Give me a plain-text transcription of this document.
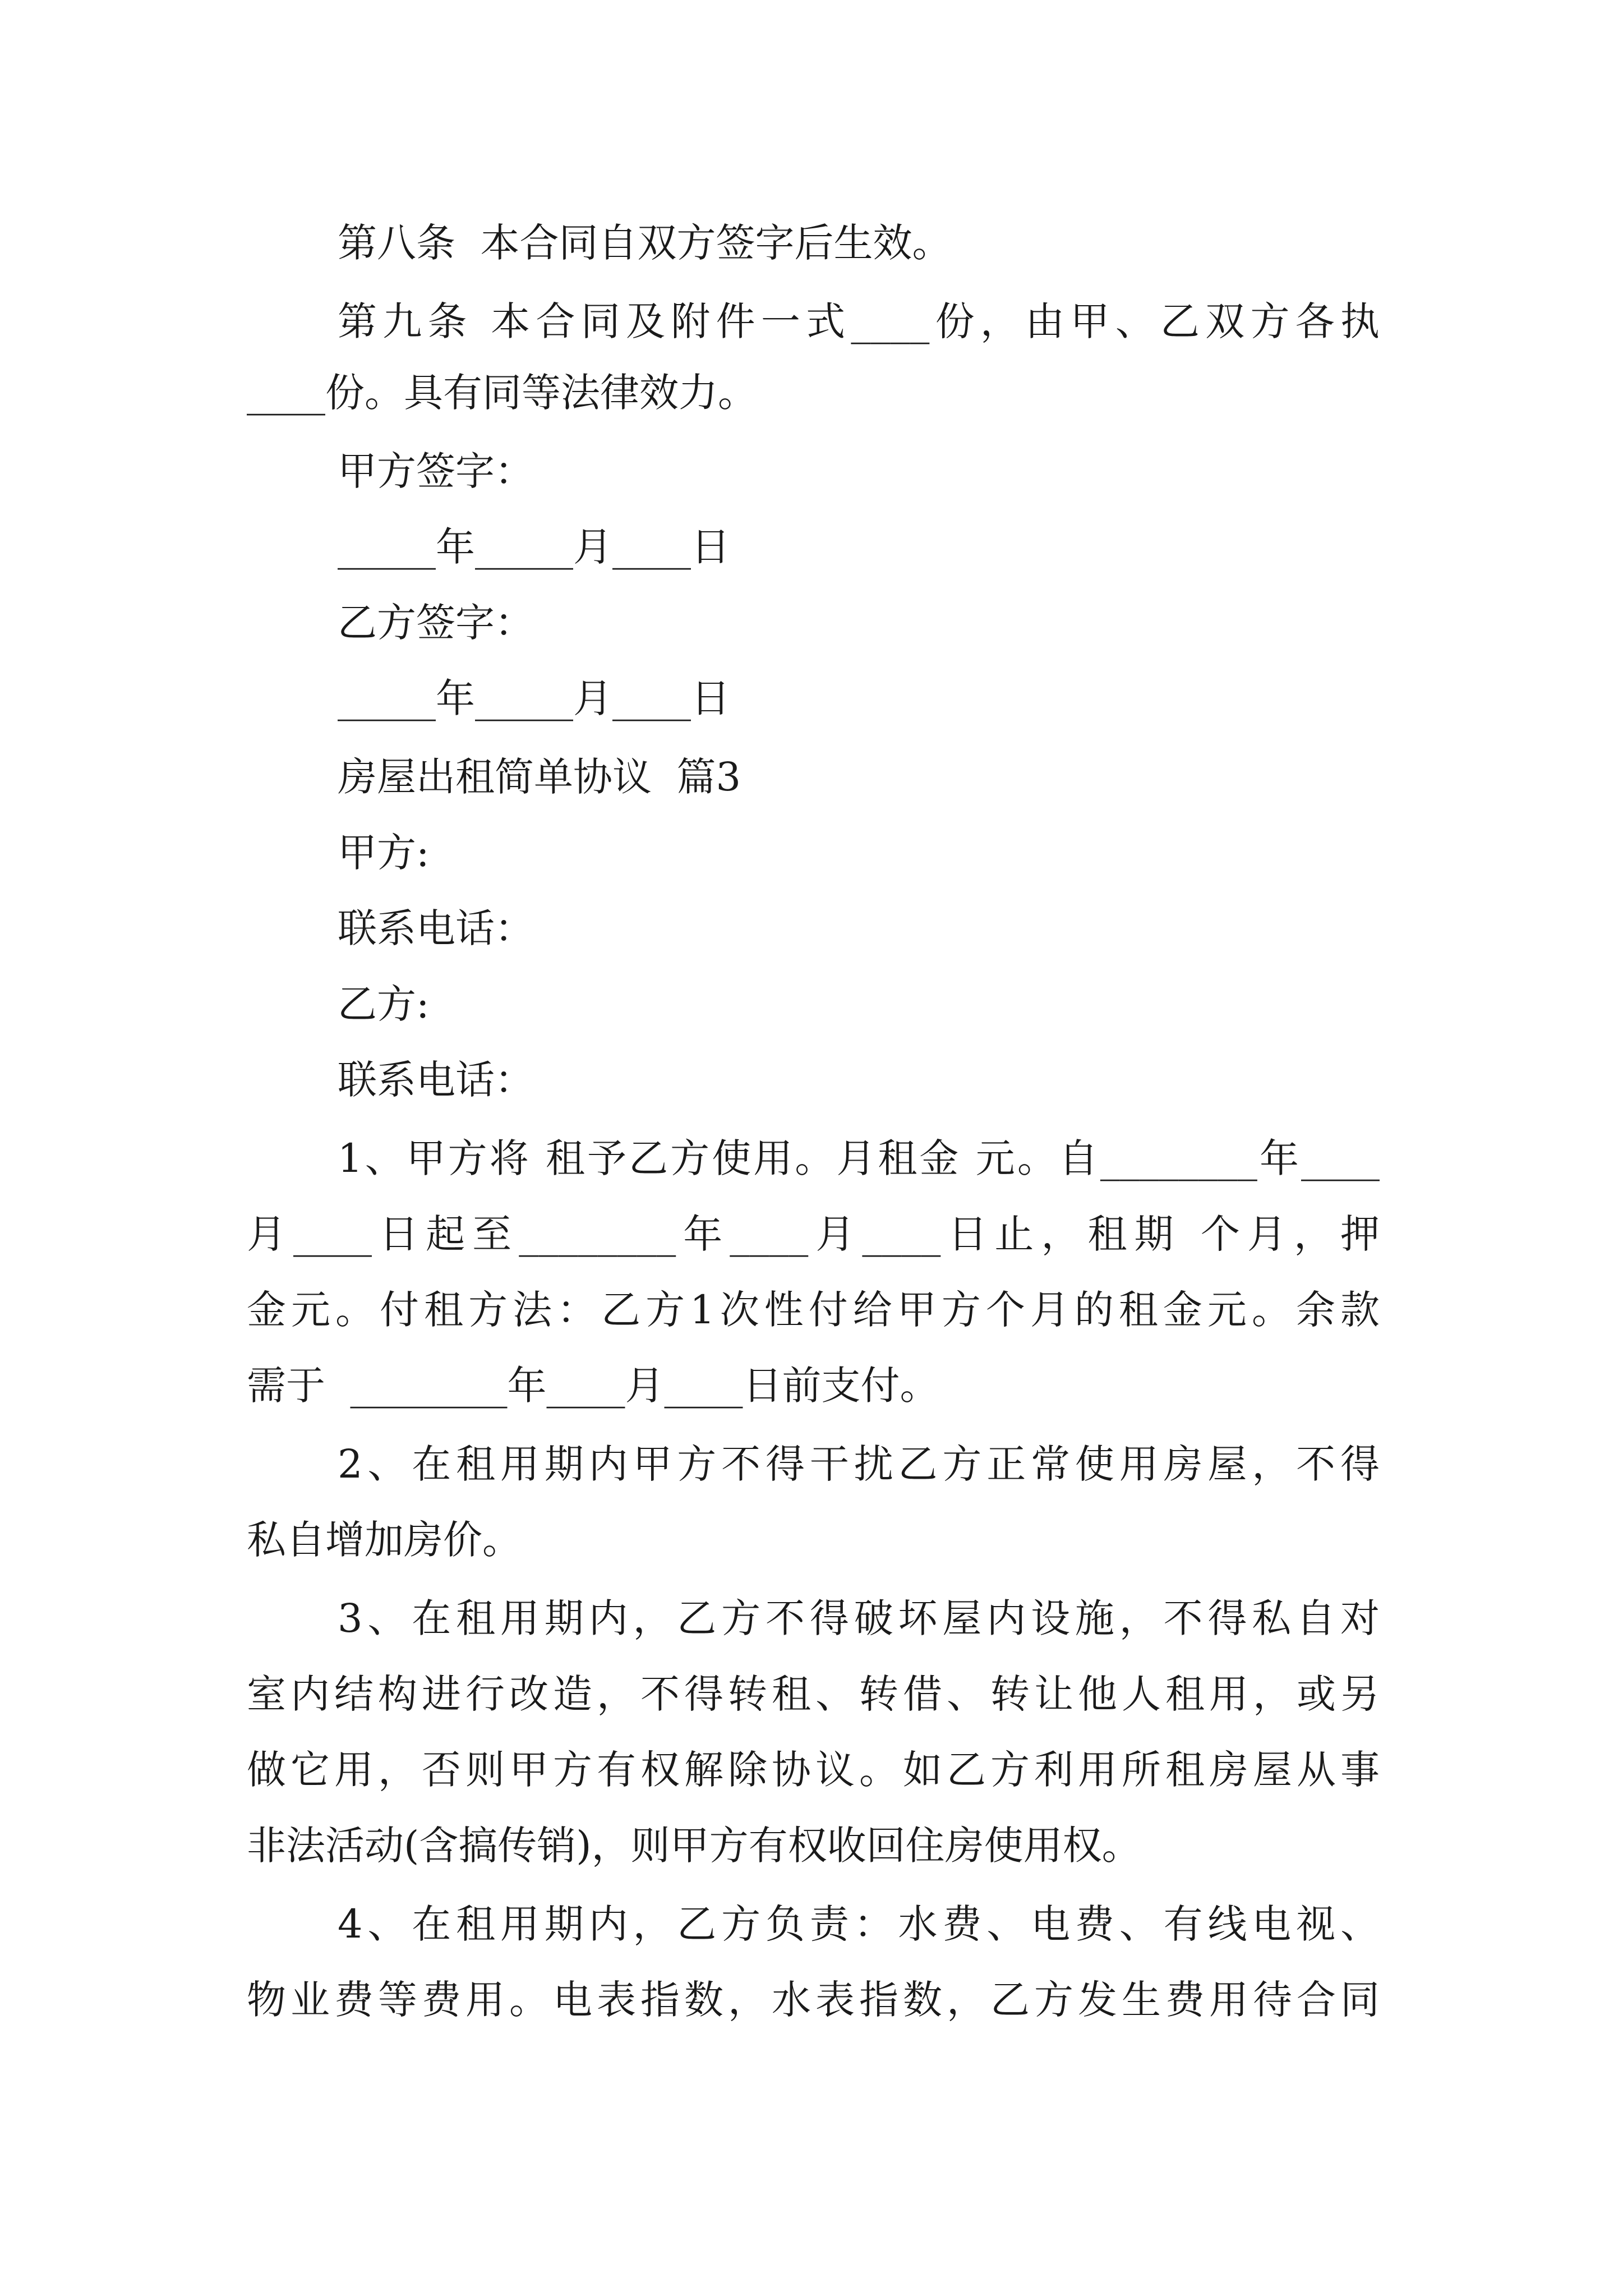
第八条  本合同自双方签字后生效。

第九条 本合同及附件一式____份，由甲、乙双方各执

____份。具有同等法律效力。

甲方签字：

_____年_____月____日

乙方签字：

_____年_____月____日

房屋出租简单协议  篇3

甲方:

联系电话：

乙方:

联系电话：

1、甲方将 租予乙方使用。月租金 元。自________年____

月____日起至________年____月____日止，租期 个月，押

金元。付租方法：乙方1次性付给甲方个月的租金元。余款

需于  ________年____月____日前支付。

2、在租用期内甲方不得干扰乙方正常使用房屋，不得

私自增加房价。

3、在租用期内，乙方不得破坏屋内设施，不得私自对

室内结构进行改造，不得转租、转借、转让他人租用，或另

做它用，否则甲方有权解除协议。如乙方利用所租房屋从事

非法活动(含搞传销)，则甲方有权收回住房使用权。

4、在租用期内，乙方负责：水费、电费、有线电视、

物业费等费用。电表指数，水表指数，乙方发生费用待合同
